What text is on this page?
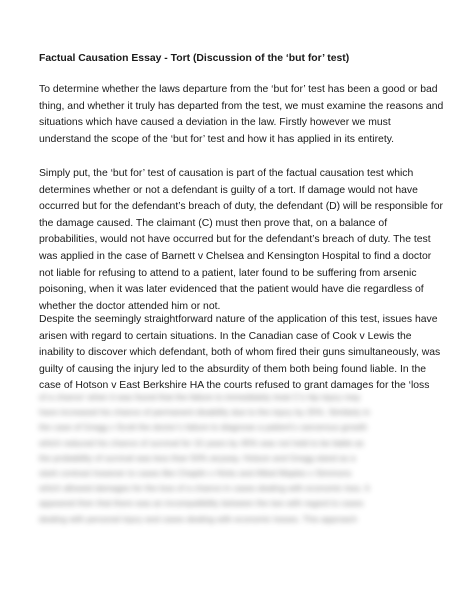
Factual Causation Essay - Tort (Discussion of the ‘but for’ test)
To determine whether the laws departure from the ‘but for’ test has been a good or bad
thing, and whether it truly has departed from the test, we must examine the reasons and
situations which have caused a deviation in the law. Firstly however we must
understand the scope of the ‘but for’ test and how it has applied in its entirety.
Simply put, the ‘but for’ test of causation is part of the factual causation test which
determines whether or not a defendant is guilty of a tort. If damage would not have
occurred but for the defendant’s breach of duty, the defendant (D) will be responsible for
the damage caused. The claimant (C) must then prove that, on a balance of
probabilities, would not have occurred but for the defendant’s breach of duty. The test
was applied in the case of Barnett v Chelsea and Kensington Hospital to find a doctor
not liable for refusing to attend to a patient, later found to be suffering from arsenic
poisoning, when it was later evidenced that the patient would have die regardless of
whether the doctor attended him or not.
Despite the seemingly straightforward nature of the application of this test, issues have
arisen with regard to certain situations. In the Canadian case of Cook v Lewis the
inability to discover which defendant, both of whom fired their guns simultaneously, was
guilty of causing the injury led to the absurdity of them both being found liable. In the
case of Hotson v East Berkshire HA the courts refused to grant damages for the ‘loss
of a chance’ when it was found that the failure to immediately treat C’s hip injury may
have increased his chance of permanent disability due to the injury by 25%. Similarly in
the case of Gregg v Scott the doctor’s failure to diagnose a patient’s cancerous growth
which reduced his chance of survival for 10 years by 45% was not held to be liable as
the probability of survival was less than 50% anyway. Hotson and Gregg stand as a
stark contrast however to cases like Chaplin v Hicks and Allied Maples v Simmons
which allowed damages for the loss of a chance in cases dealing with economic loss. It
appeared then that there was an incompatibility between the two with regard to cases
dealing with personal injury and cases dealing with economic losses. This approach
